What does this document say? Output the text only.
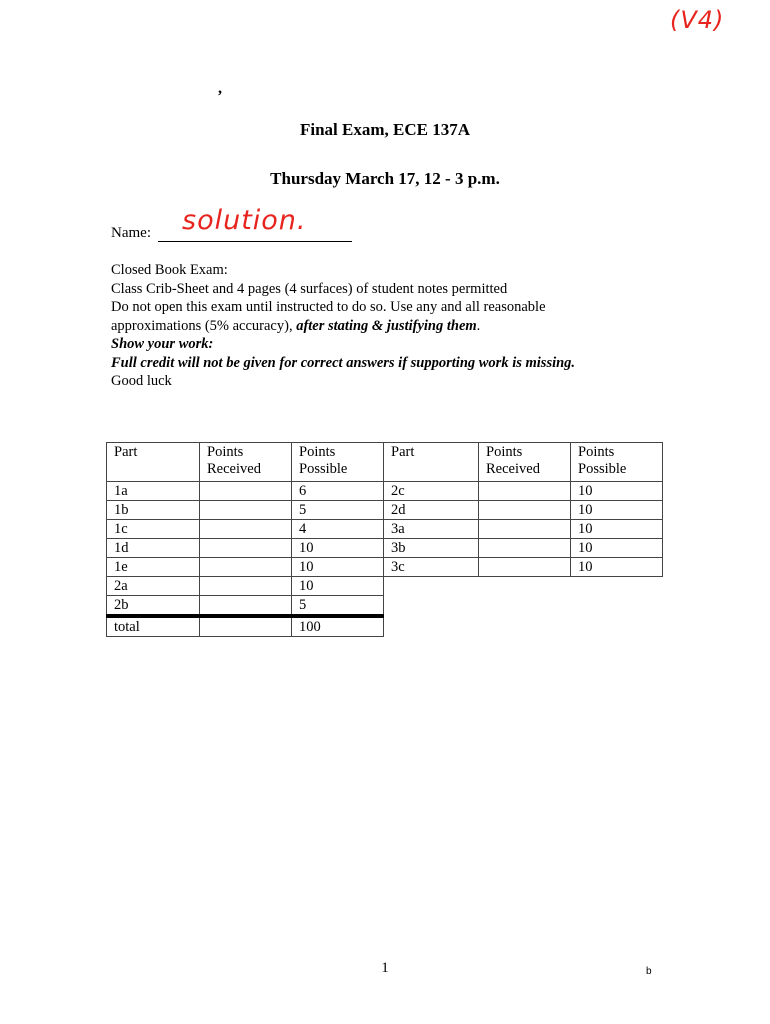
(V4)
,
Final Exam, ECE 137A
Thursday March 17, 12 - 3 p.m.
Name: solution.
Closed Book Exam:
Class Crib-Sheet and 4 pages (4 surfaces) of student notes permitted
Do not open this exam until instructed to do so. Use any and all reasonable
approximations (5% accuracy), after stating & justifying them.
Show your work:
Full credit will not be given for correct answers if supporting work is missing.
Good luck
Part	Points Received	Points Possible
1a		6
1b		5
1c		4
1d		10
1e		10
2a		10
2b		5
total		100
Part	Points Received	Points Possible
2c		10
2d		10
3a		10
3b		10
3c		10
1	b
